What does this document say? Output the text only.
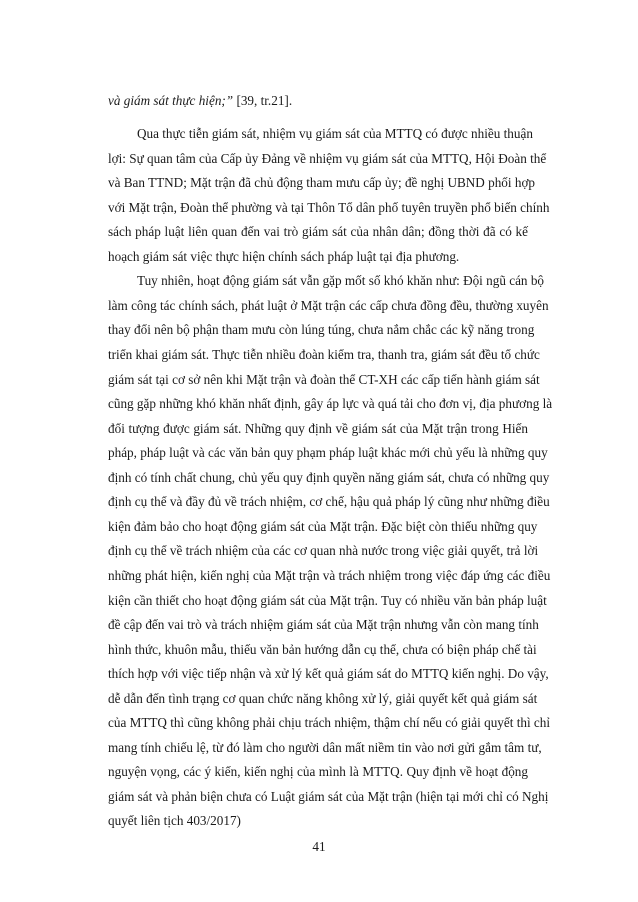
và giám sát thực hiện;” [39, tr.21].
Qua thực tiễn giám sát, nhiệm vụ giám sát của MTTQ có được nhiều thuận
lợi: Sự quan tâm của Cấp ủy Đảng về nhiệm vụ giám sát của MTTQ, Hội Đoàn thể
và Ban TTND; Mặt trận đã chủ động tham mưu cấp ủy; đề nghị UBND phối hợp
với Mặt trận, Đoàn thể phường và tại Thôn Tổ dân phố tuyên truyền phổ biến chính
sách pháp luật liên quan đến vai trò giám sát của nhân dân; đồng thời đã có kế
hoạch giám sát việc thực hiện chính sách pháp luật tại địa phương.
Tuy nhiên, hoạt động giám sát vẫn gặp mốt số khó khăn như: Đội ngũ cán bộ
làm công tác chính sách, phát luật ở Mặt trận các cấp chưa đồng đều, thường xuyên
thay đổi nên bộ phận tham mưu còn lúng túng, chưa nắm chắc các kỹ năng trong
triển khai giám sát. Thực tiễn nhiều đoàn kiểm tra, thanh tra, giám sát đều tổ chức
giám sát tại cơ sở nên khi Mặt trận và đoàn thể CT-XH các cấp tiến hành giám sát
cũng gặp những khó khăn nhất định, gây áp lực và quá tải cho đơn vị, địa phương là
đối tượng được giám sát. Những quy định về giám sát của Mặt trận trong Hiến
pháp, pháp luật và các văn bản quy phạm pháp luật khác mới chủ yếu là những quy
định có tính chất chung, chủ yếu quy định quyền năng giám sát, chưa có những quy
định cụ thể và đầy đủ về trách nhiệm, cơ chế, hậu quả pháp lý cũng như những điều
kiện đảm bảo cho hoạt động giám sát của Mặt trận. Đặc biệt còn thiếu những quy
định cụ thể về trách nhiệm của các cơ quan nhà nước trong việc giải quyết, trả lời
những phát hiện, kiến nghị của Mặt trận và trách nhiệm trong việc đáp ứng các điều
kiện cần thiết cho hoạt động giám sát của Mặt trận. Tuy có nhiều văn bản pháp luật
đề cập đến vai trò và trách nhiệm giám sát của Mặt trận nhưng vẫn còn mang tính
hình thức, khuôn mẫu, thiếu văn bản hướng dẫn cụ thể, chưa có biện pháp chế tài
thích hợp với việc tiếp nhận và xử lý kết quả giám sát do MTTQ kiến nghị. Do vậy,
dễ dẫn đến tình trạng cơ quan chức năng không xử lý, giải quyết kết quả giám sát
của MTTQ thì cũng không phải chịu trách nhiệm, thậm chí nếu có giải quyết thì chỉ
mang tính chiếu lệ, từ đó làm cho người dân mất niềm tin vào nơi gửi gắm tâm tư,
nguyện vọng, các ý kiến, kiến nghị của mình là MTTQ. Quy định về hoạt động
giám sát và phản biện chưa có Luật giám sát của Mặt trận (hiện tại mới chỉ có Nghị
quyết liên tịch 403/2017)
41
